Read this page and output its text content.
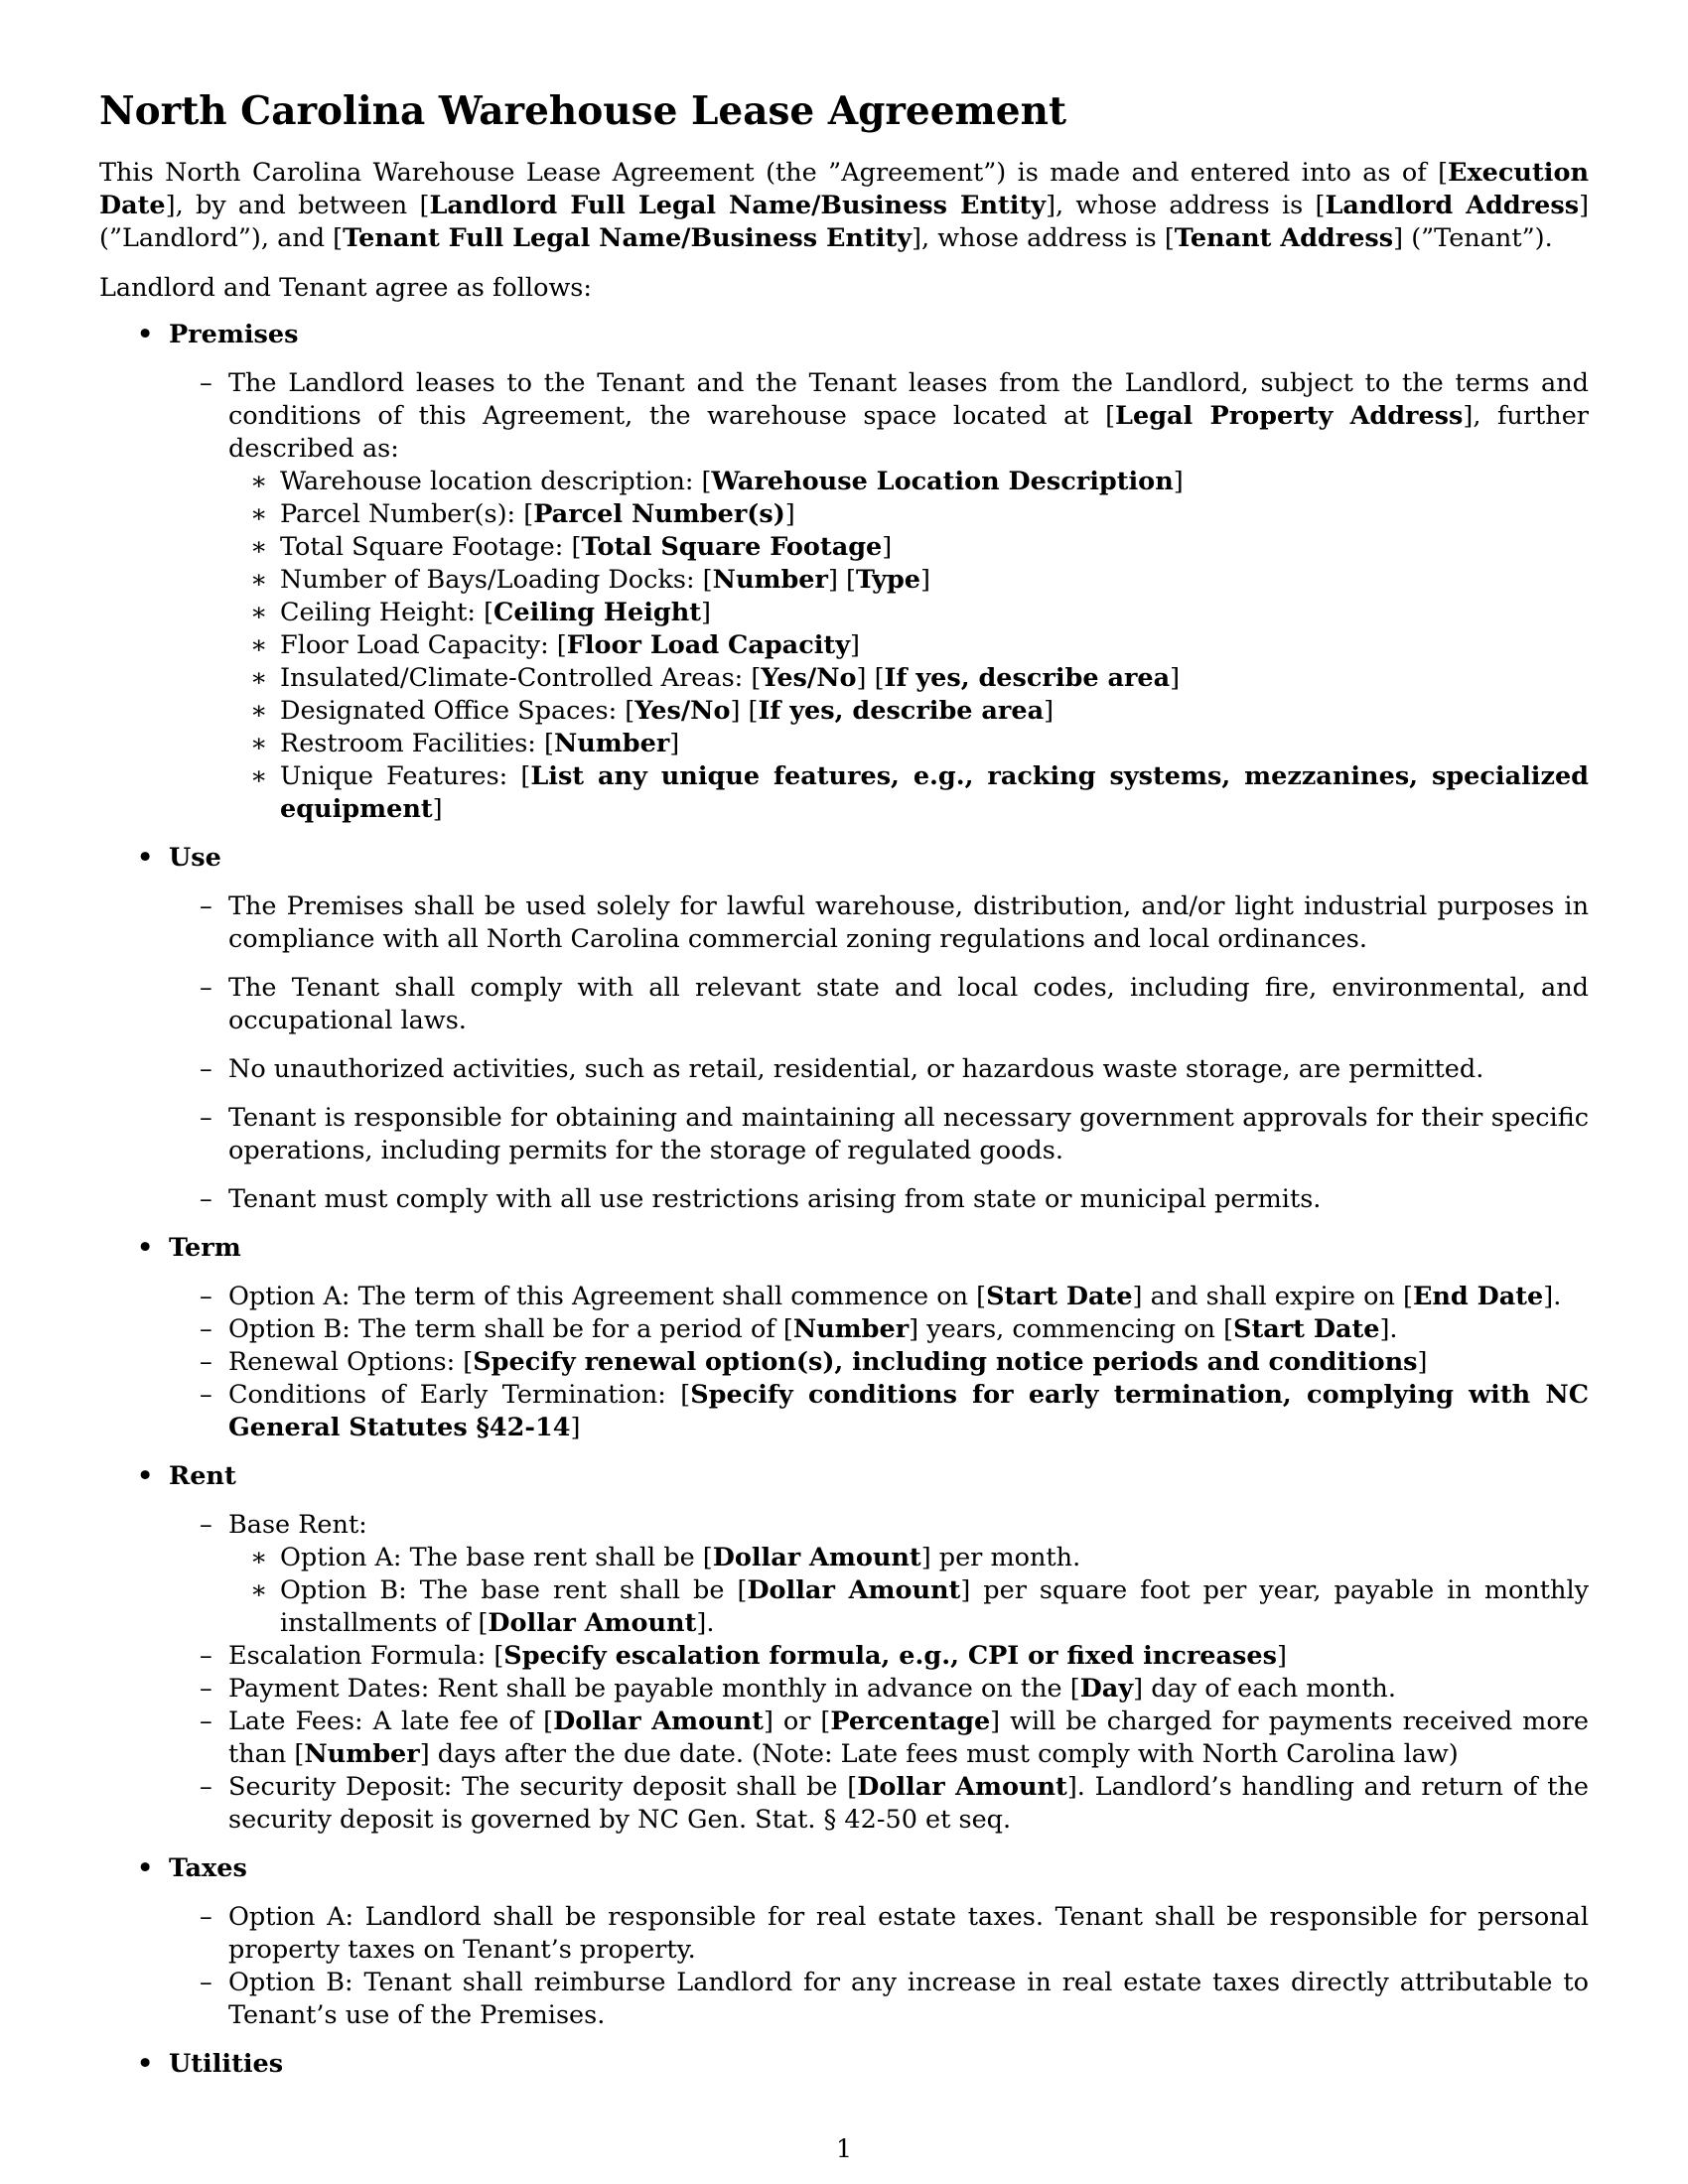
North Carolina Warehouse Lease Agreement

This North Carolina Warehouse Lease Agreement (the ”Agreement”) is made and entered into as of [Execution Date], by and between [Landlord Full Legal Name/Business Entity], whose address is [Landlord Address] (”Landlord”), and [Tenant Full Legal Name/Business Entity], whose address is [Tenant Address] (”Tenant”).

Landlord and Tenant agree as follows:

• Premises
– The Landlord leases to the Tenant and the Tenant leases from the Landlord, subject to the terms and conditions of this Agreement, the warehouse space located at [Legal Property Address], further described as:
∗ Warehouse location description: [Warehouse Location Description]
∗ Parcel Number(s): [Parcel Number(s)]
∗ Total Square Footage: [Total Square Footage]
∗ Number of Bays/Loading Docks: [Number] [Type]
∗ Ceiling Height: [Ceiling Height]
∗ Floor Load Capacity: [Floor Load Capacity]
∗ Insulated/Climate-Controlled Areas: [Yes/No] [If yes, describe area]
∗ Designated Office Spaces: [Yes/No] [If yes, describe area]
∗ Restroom Facilities: [Number]
∗ Unique Features: [List any unique features, e.g., racking systems, mezzanines, specialized equipment]
• Use
– The Premises shall be used solely for lawful warehouse, distribution, and/or light industrial purposes in compliance with all North Carolina commercial zoning regulations and local ordinances.
– The Tenant shall comply with all relevant state and local codes, including fire, environmental, and occupational laws.
– No unauthorized activities, such as retail, residential, or hazardous waste storage, are permitted.
– Tenant is responsible for obtaining and maintaining all necessary government approvals for their specific operations, including permits for the storage of regulated goods.
– Tenant must comply with all use restrictions arising from state or municipal permits.
• Term
– Option A: The term of this Agreement shall commence on [Start Date] and shall expire on [End Date].
– Option B: The term shall be for a period of [Number] years, commencing on [Start Date].
– Renewal Options: [Specify renewal option(s), including notice periods and conditions]
– Conditions of Early Termination: [Specify conditions for early termination, complying with NC General Statutes §42-14]
• Rent
– Base Rent:
∗ Option A: The base rent shall be [Dollar Amount] per month.
∗ Option B: The base rent shall be [Dollar Amount] per square foot per year, payable in monthly installments of [Dollar Amount].
– Escalation Formula: [Specify escalation formula, e.g., CPI or fixed increases]
– Payment Dates: Rent shall be payable monthly in advance on the [Day] day of each month.
– Late Fees: A late fee of [Dollar Amount] or [Percentage] will be charged for payments received more than [Number] days after the due date. (Note: Late fees must comply with North Carolina law)
– Security Deposit: The security deposit shall be [Dollar Amount]. Landlord’s handling and return of the security deposit is governed by NC Gen. Stat. § 42-50 et seq.
• Taxes
– Option A: Landlord shall be responsible for real estate taxes. Tenant shall be responsible for personal property taxes on Tenant’s property.
– Option B: Tenant shall reimburse Landlord for any increase in real estate taxes directly attributable to Tenant’s use of the Premises.
• Utilities
1
